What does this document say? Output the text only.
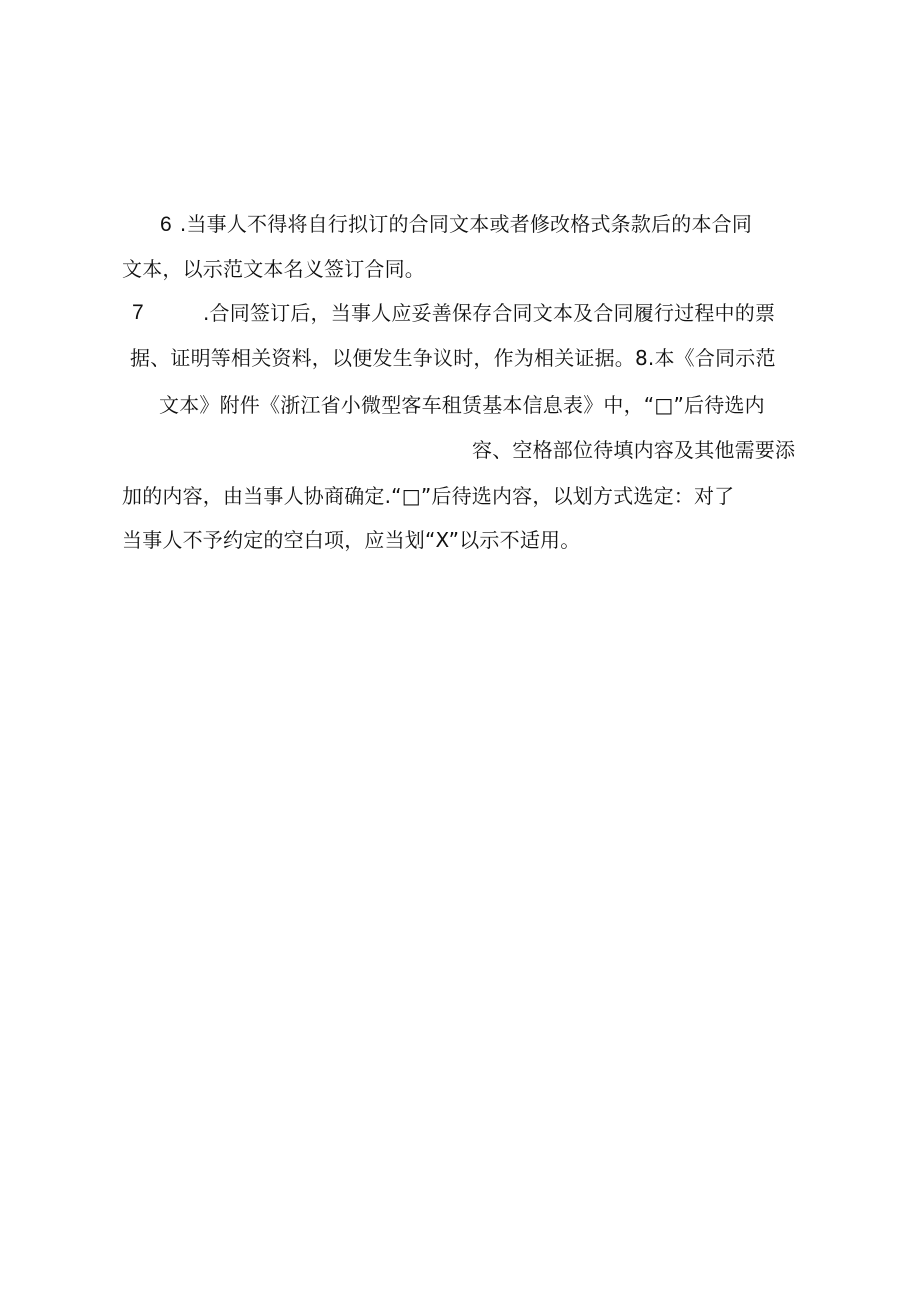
6 .当事人不得将自行拟订的合同文本或者修改格式条款后的本合同
文本，以示范文本名义签订合同。
7	.合同签订后，当事人应妥善保存合同文本及合同履行过程中的票
据、证明等相关资料，以便发生争议时，作为相关证据。8.本《合同示范
文本》附件《浙江省小微型客车租赁基本信息表》中，“□”后待选内
容、空格部位待填内容及其他需要添
加的内容，由当事人协商确定.“□”后待选内容，以划方式选定：对了
当事人不予约定的空白项，应当划“X”以示不适用。
